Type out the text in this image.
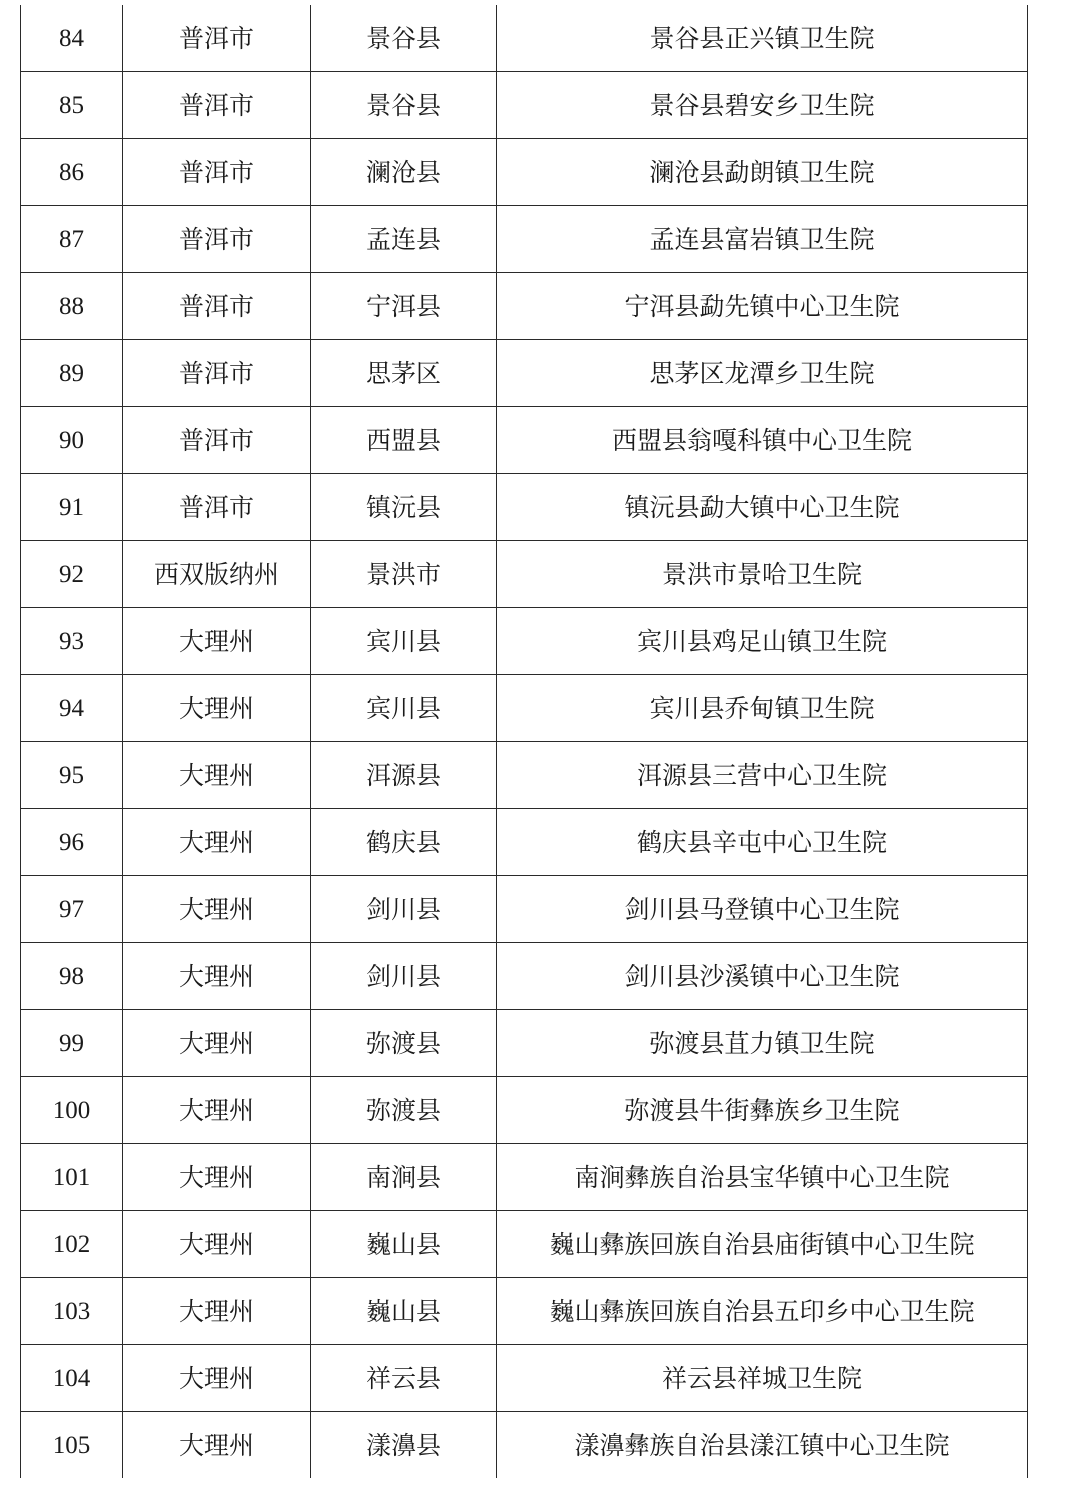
84	普洱市	景谷县	景谷县正兴镇卫生院
85	普洱市	景谷县	景谷县碧安乡卫生院
86	普洱市	澜沧县	澜沧县勐朗镇卫生院
87	普洱市	孟连县	孟连县富岩镇卫生院
88	普洱市	宁洱县	宁洱县勐先镇中心卫生院
89	普洱市	思茅区	思茅区龙潭乡卫生院
90	普洱市	西盟县	西盟县翁嘎科镇中心卫生院
91	普洱市	镇沅县	镇沅县勐大镇中心卫生院
92	西双版纳州	景洪市	景洪市景哈卫生院
93	大理州	宾川县	宾川县鸡足山镇卫生院
94	大理州	宾川县	宾川县乔甸镇卫生院
95	大理州	洱源县	洱源县三营中心卫生院
96	大理州	鹤庆县	鹤庆县辛屯中心卫生院
97	大理州	剑川县	剑川县马登镇中心卫生院
98	大理州	剑川县	剑川县沙溪镇中心卫生院
99	大理州	弥渡县	弥渡县苴力镇卫生院
100	大理州	弥渡县	弥渡县牛街彝族乡卫生院
101	大理州	南涧县	南涧彝族自治县宝华镇中心卫生院
102	大理州	巍山县	巍山彝族回族自治县庙街镇中心卫生院
103	大理州	巍山县	巍山彝族回族自治县五印乡中心卫生院
104	大理州	祥云县	祥云县祥城卫生院
105	大理州	漾濞县	漾濞彝族自治县漾江镇中心卫生院
